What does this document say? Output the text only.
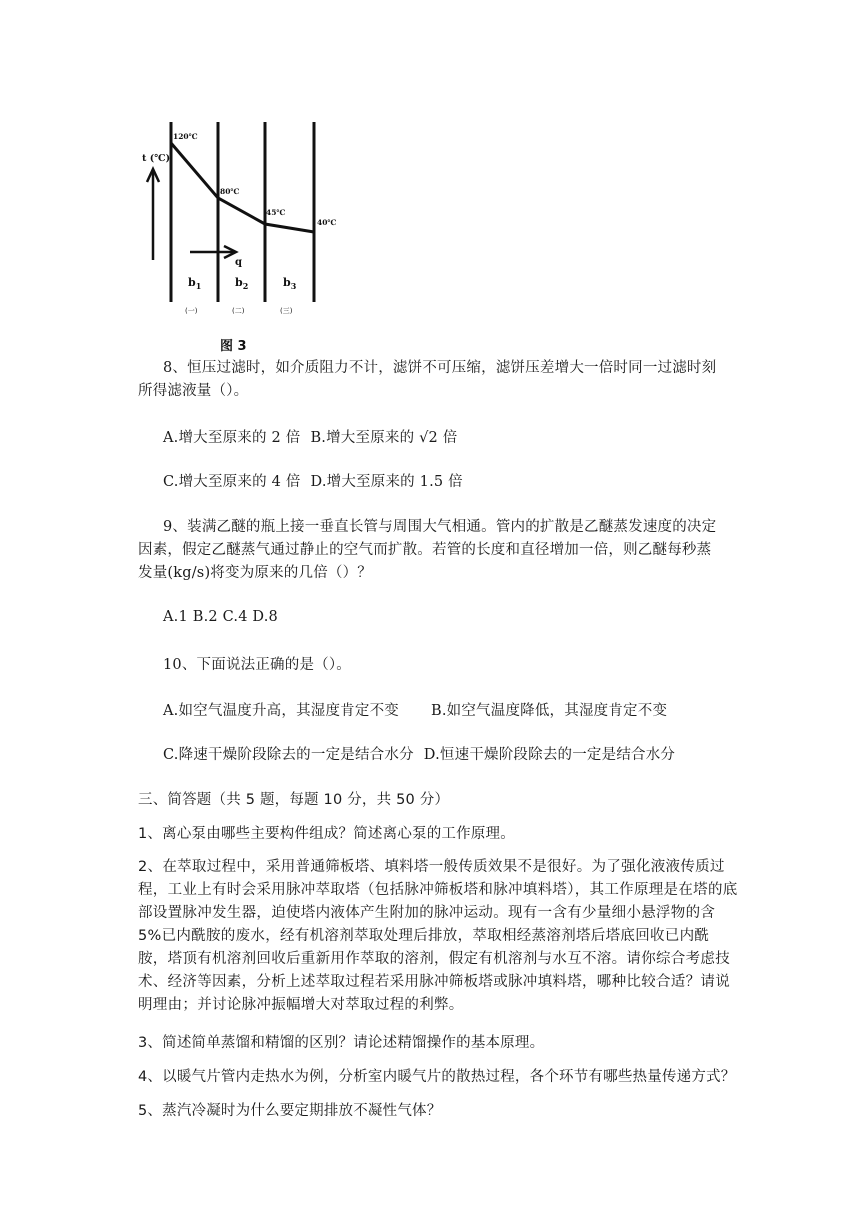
t (℃)
120℃
80℃
45℃
40℃
q
$b_1$	$b_2$	$b_3$
(一)	(二)	(三)
图 3
8、恒压过滤时，如介质阻力不计，滤饼不可压缩，滤饼压差增大一倍时同一过滤时刻
所得滤液量（）。
A.增大至原来的 2 倍 B.增大至原来的 √2 倍
C.增大至原来的 4 倍 D.增大至原来的 1.5 倍
9、装满乙醚的瓶上接一垂直长管与周围大气相通。管内的扩散是乙醚蒸发速度的决定
因素，假定乙醚蒸气通过静止的空气而扩散。若管的长度和直径增加一倍，则乙醚每秒蒸
发量(kg/s)将变为原来的几倍（）？
A.1 B.2 C.4 D.8
10、下面说法正确的是（）。
A.如空气温度升高，其湿度肯定不变 B.如空气温度降低，其湿度肯定不变
C.降速干燥阶段除去的一定是结合水分 D.恒速干燥阶段除去的一定是结合水分
三、简答题（共 5 题，每题 10 分，共 50 分）
1、离心泵由哪些主要构件组成？简述离心泵的工作原理。
2、在萃取过程中，采用普通筛板塔、填料塔一般传质效果不是很好。为了强化液液传质过程，工业上有时会采用脉冲萃取塔（包括脉冲筛板塔和脉冲填料塔），其工作原理是在塔的底部设置脉冲发生器，迫使塔内液体产生附加的脉冲运动。现有一含有少量细小悬浮物的含 5%已内酰胺的废水，经有机溶剂萃取处理后排放，萃取相经蒸溶剂塔后塔底回收已内酰胺，塔顶有机溶剂回收后重新用作萃取的溶剂，假定有机溶剂与水互不溶。请你综合考虑技术、经济等因素，分析上述萃取过程若采用脉冲筛板塔或脉冲填料塔，哪种比较合适？请说明理由；并讨论脉冲振幅增大对萃取过程的利弊。
3、简述简单蒸馏和精馏的区别？请论述精馏操作的基本原理。
4、以暖气片管内走热水为例，分析室内暖气片的散热过程，各个环节有哪些热量传递方式？
5、蒸汽冷凝时为什么要定期排放不凝性气体？
